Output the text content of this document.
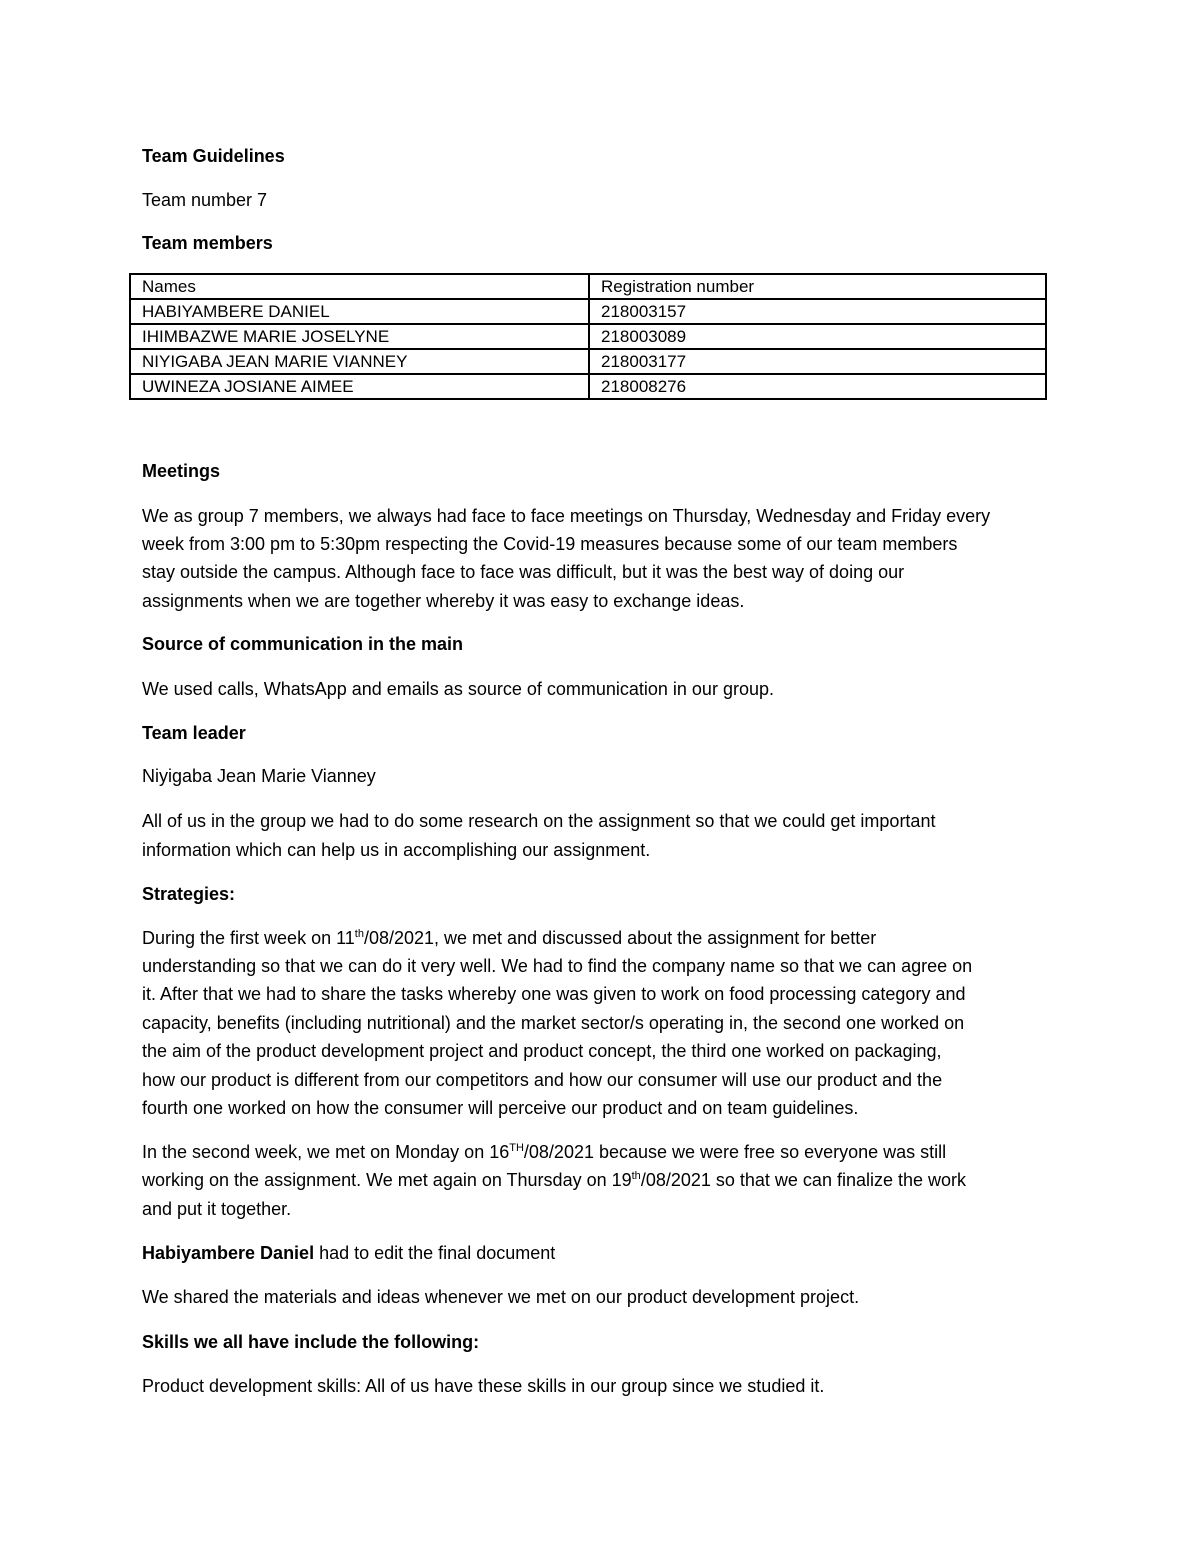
Team Guidelines
Team number 7
Team members
Names	Registration number
HABIYAMBERE DANIEL	218003157
IHIMBAZWE MARIE JOSELYNE	218003089
NIYIGABA JEAN MARIE VIANNEY	218003177
UWINEZA JOSIANE AIMEE	218008276
Meetings
We as group 7 members, we always had face to face meetings on Thursday, Wednesday and Friday every
week from 3:00 pm to 5:30pm respecting the Covid-19 measures because some of our team members
stay outside the campus. Although face to face was difficult, but it was the best way of doing our
assignments when we are together whereby it was easy to exchange ideas.
Source of communication in the main
We used calls, WhatsApp and emails as source of communication in our group.
Team leader
Niyigaba Jean Marie Vianney
All of us in the group we had to do some research on the assignment so that we could get important
information which can help us in accomplishing our assignment.
Strategies:
During the first week on 11th/08/2021, we met and discussed about the assignment for better
understanding so that we can do it very well. We had to find the company name so that we can agree on
it. After that we had to share the tasks whereby one was given to work on food processing category and
capacity, benefits (including nutritional) and the market sector/s operating in, the second one worked on
the aim of the product development project and product concept, the third one worked on packaging,
how our product is different from our competitors and how our consumer will use our product and the
fourth one worked on how the consumer will perceive our product and on team guidelines.
In the second week, we met on Monday on 16TH/08/2021 because we were free so everyone was still
working on the assignment. We met again on Thursday on 19th/08/2021 so that we can finalize the work
and put it together.
Habiyambere Daniel had to edit the final document
We shared the materials and ideas whenever we met on our product development project.
Skills we all have include the following:
Product development skills: All of us have these skills in our group since we studied it.
